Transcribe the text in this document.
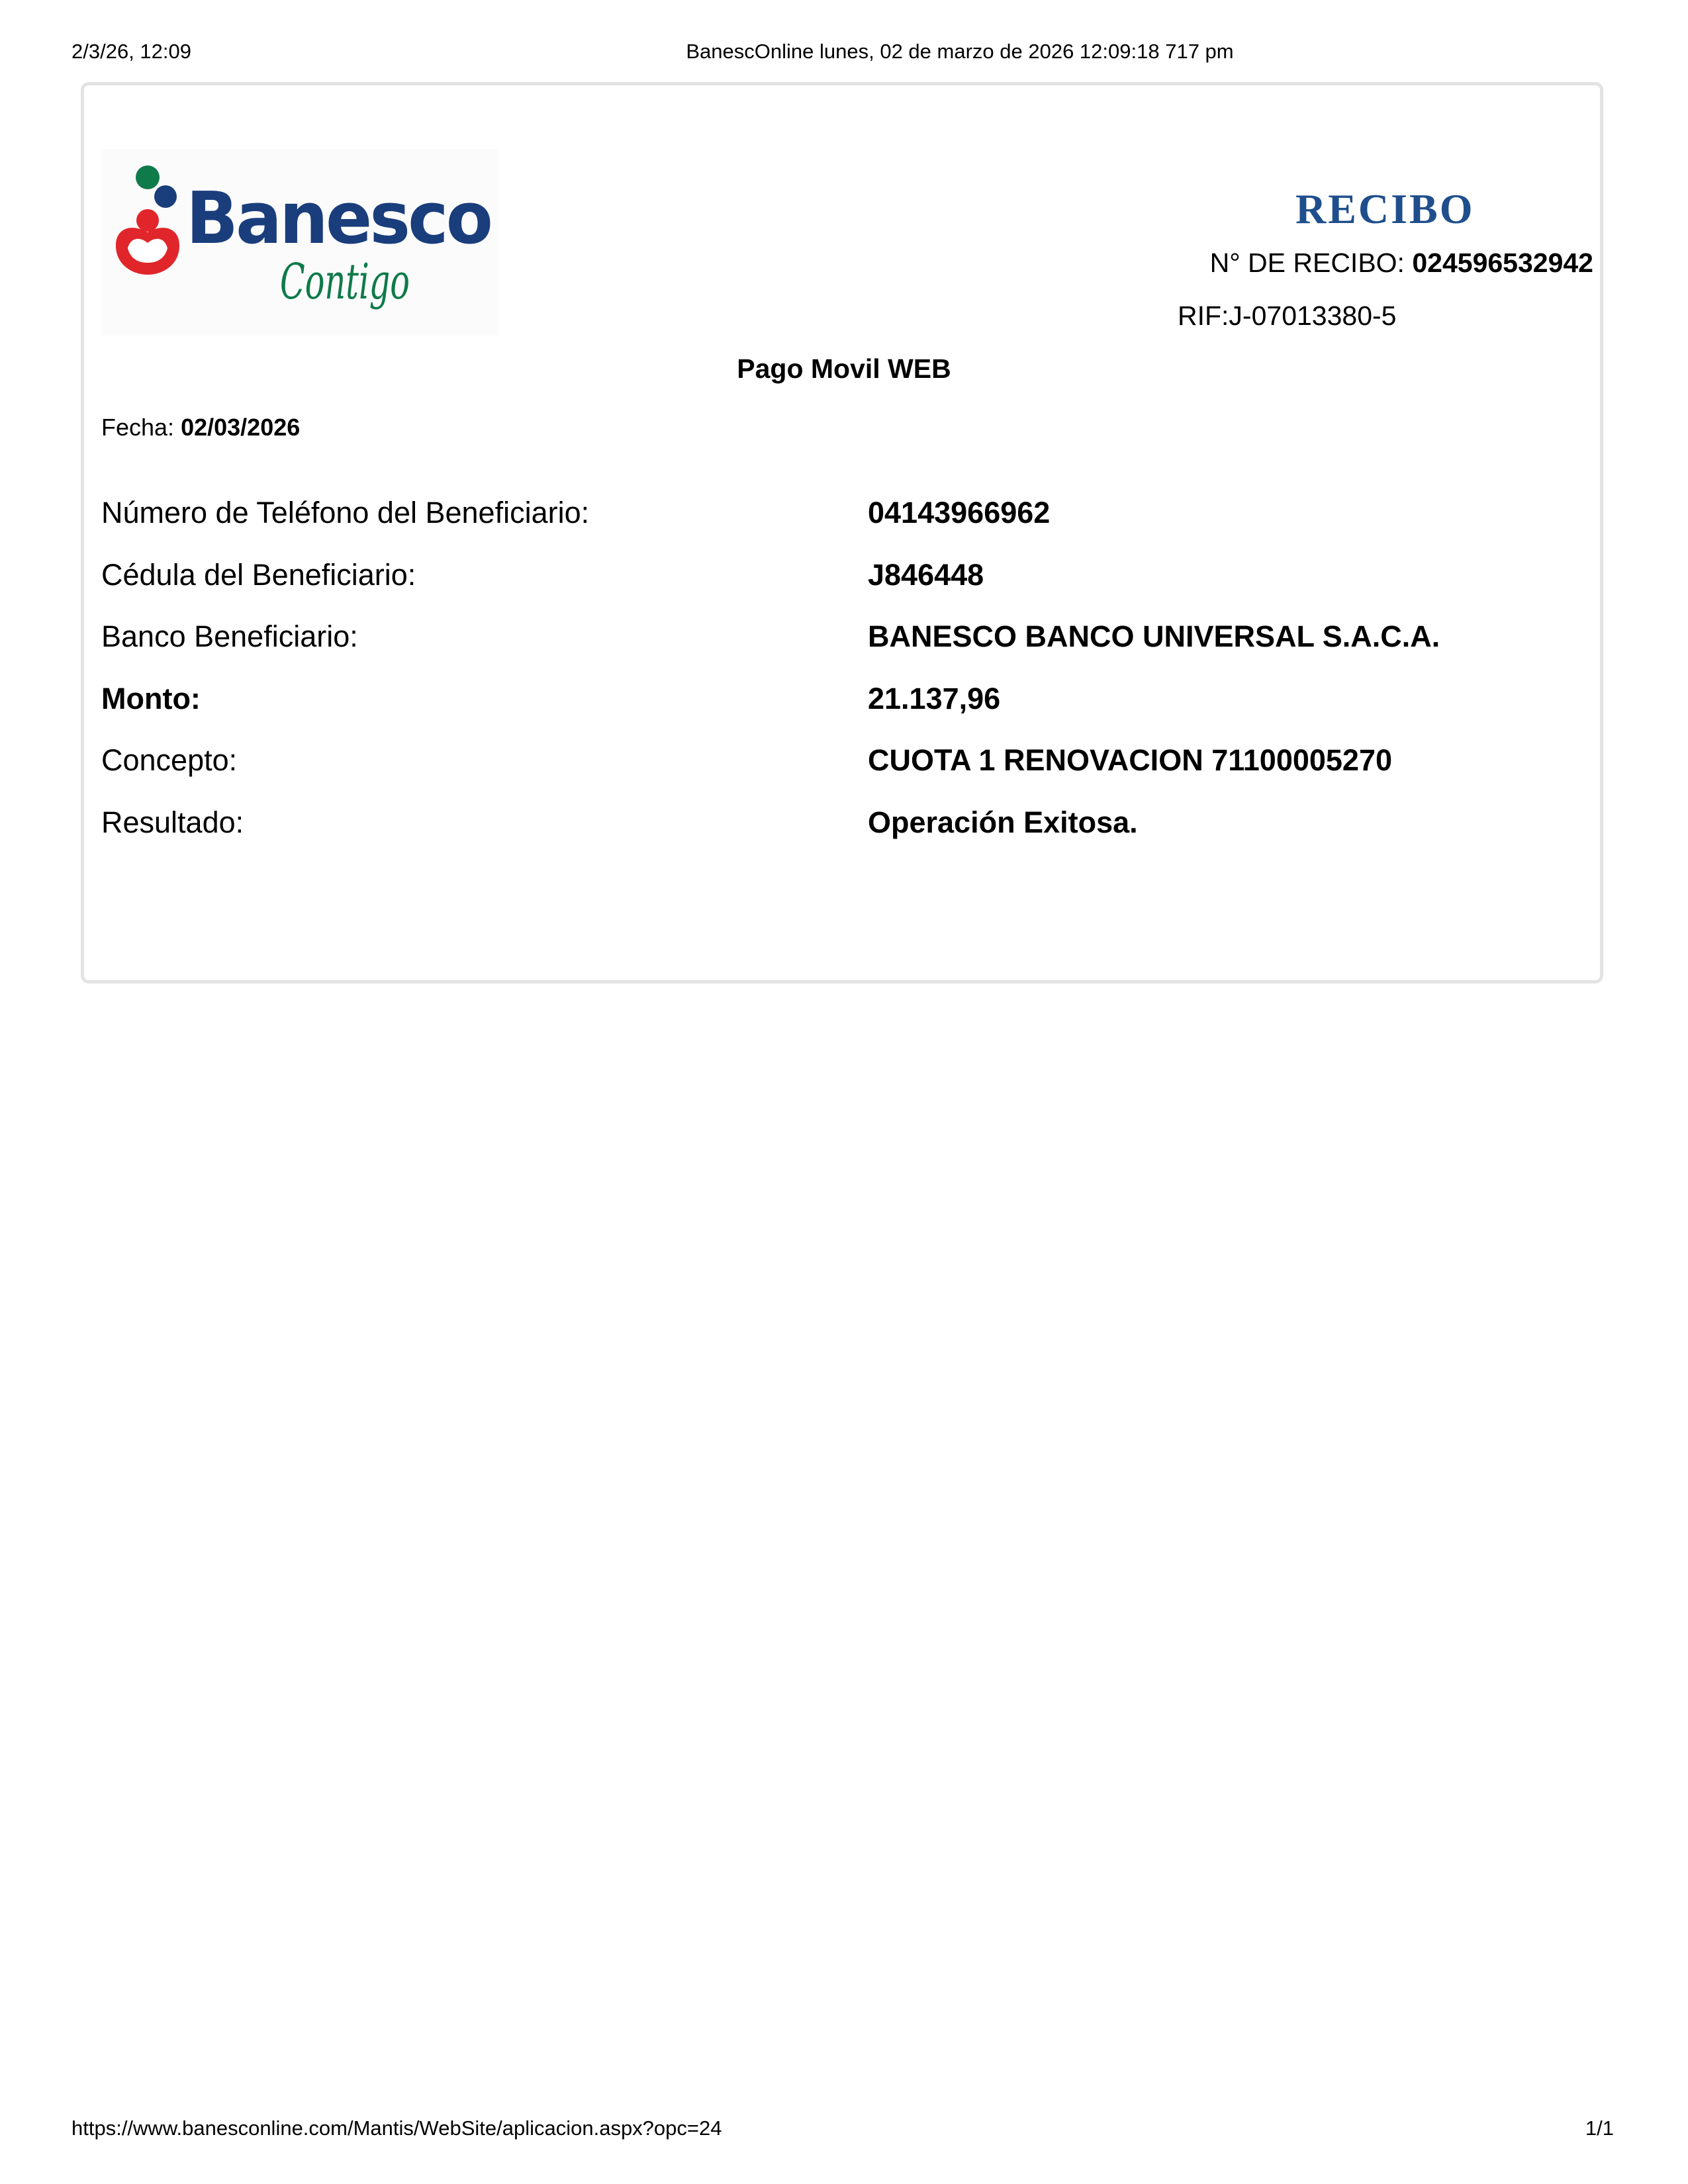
2/3/26, 12:09	BanescOnline lunes, 02 de marzo de 2026 12:09:18 717 pm
Banesco
Contigo
RECIBO
N° DE RECIBO: 024596532942
RIF:J-07013380-5
Pago Movil WEB
Fecha: 02/03/2026
Número de Teléfono del Beneficiario:	04143966962
Cédula del Beneficiario:	J846448
Banco Beneficiario:	BANESCO BANCO UNIVERSAL S.A.C.A.
Monto:	21.137,96
Concepto:	CUOTA 1 RENOVACION 71100005270
Resultado:	Operación Exitosa.
https://www.banesconline.com/Mantis/WebSite/aplicacion.aspx?opc=24	1/1
